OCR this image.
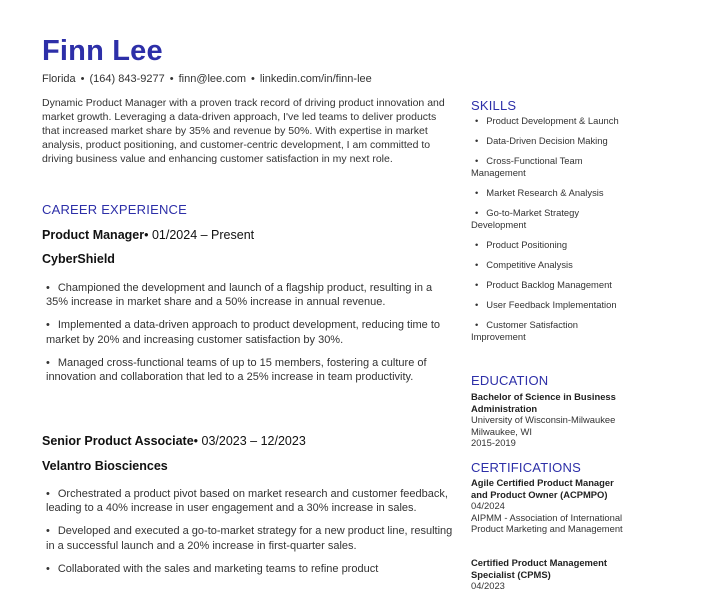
Finn Lee
Florida • (164) 843-9277 • finn@lee.com • linkedin.com/in/finn-lee

Dynamic Product Manager with a proven track record of driving product innovation and market growth. Leveraging a data-driven approach, I've led teams to deliver products that increased market share by 35% and revenue by 50%. With expertise in market analysis, product positioning, and customer-centric development, I am committed to driving business value and enhancing customer satisfaction in my next role.

CAREER EXPERIENCE
Product Manager• 01/2024 – Present
CyberShield
• Championed the development and launch of a flagship product, resulting in a 35% increase in market share and a 50% increase in annual revenue.
• Implemented a data-driven approach to product development, reducing time to market by 20% and increasing customer satisfaction by 30%.
• Managed cross-functional teams of up to 15 members, fostering a culture of innovation and collaboration that led to a 25% increase in team productivity.
Senior Product Associate• 03/2023 – 12/2023
Velantro Biosciences
• Orchestrated a product pivot based on market research and customer feedback, leading to a 40% increase in user engagement and a 30% increase in sales.
• Developed and executed a go-to-market strategy for a new product line, resulting in a successful launch and a 20% increase in first-quarter sales.
• Collaborated with the sales and marketing teams to refine product
SKILLS
• Product Development & Launch
• Data-Driven Decision Making
• Cross-Functional Team Management
• Market Research & Analysis
• Go-to-Market Strategy Development
• Product Positioning
• Competitive Analysis
• Product Backlog Management
• User Feedback Implementation
• Customer Satisfaction Improvement
EDUCATION
Bachelor of Science in Business Administration
University of Wisconsin-Milwaukee
Milwaukee, WI
2015-2019
CERTIFICATIONS
Agile Certified Product Manager and Product Owner (ACPMPO)
04/2024
AIPMM - Association of International Product Marketing and Management
Certified Product Management Specialist (CPMS)
04/2023
